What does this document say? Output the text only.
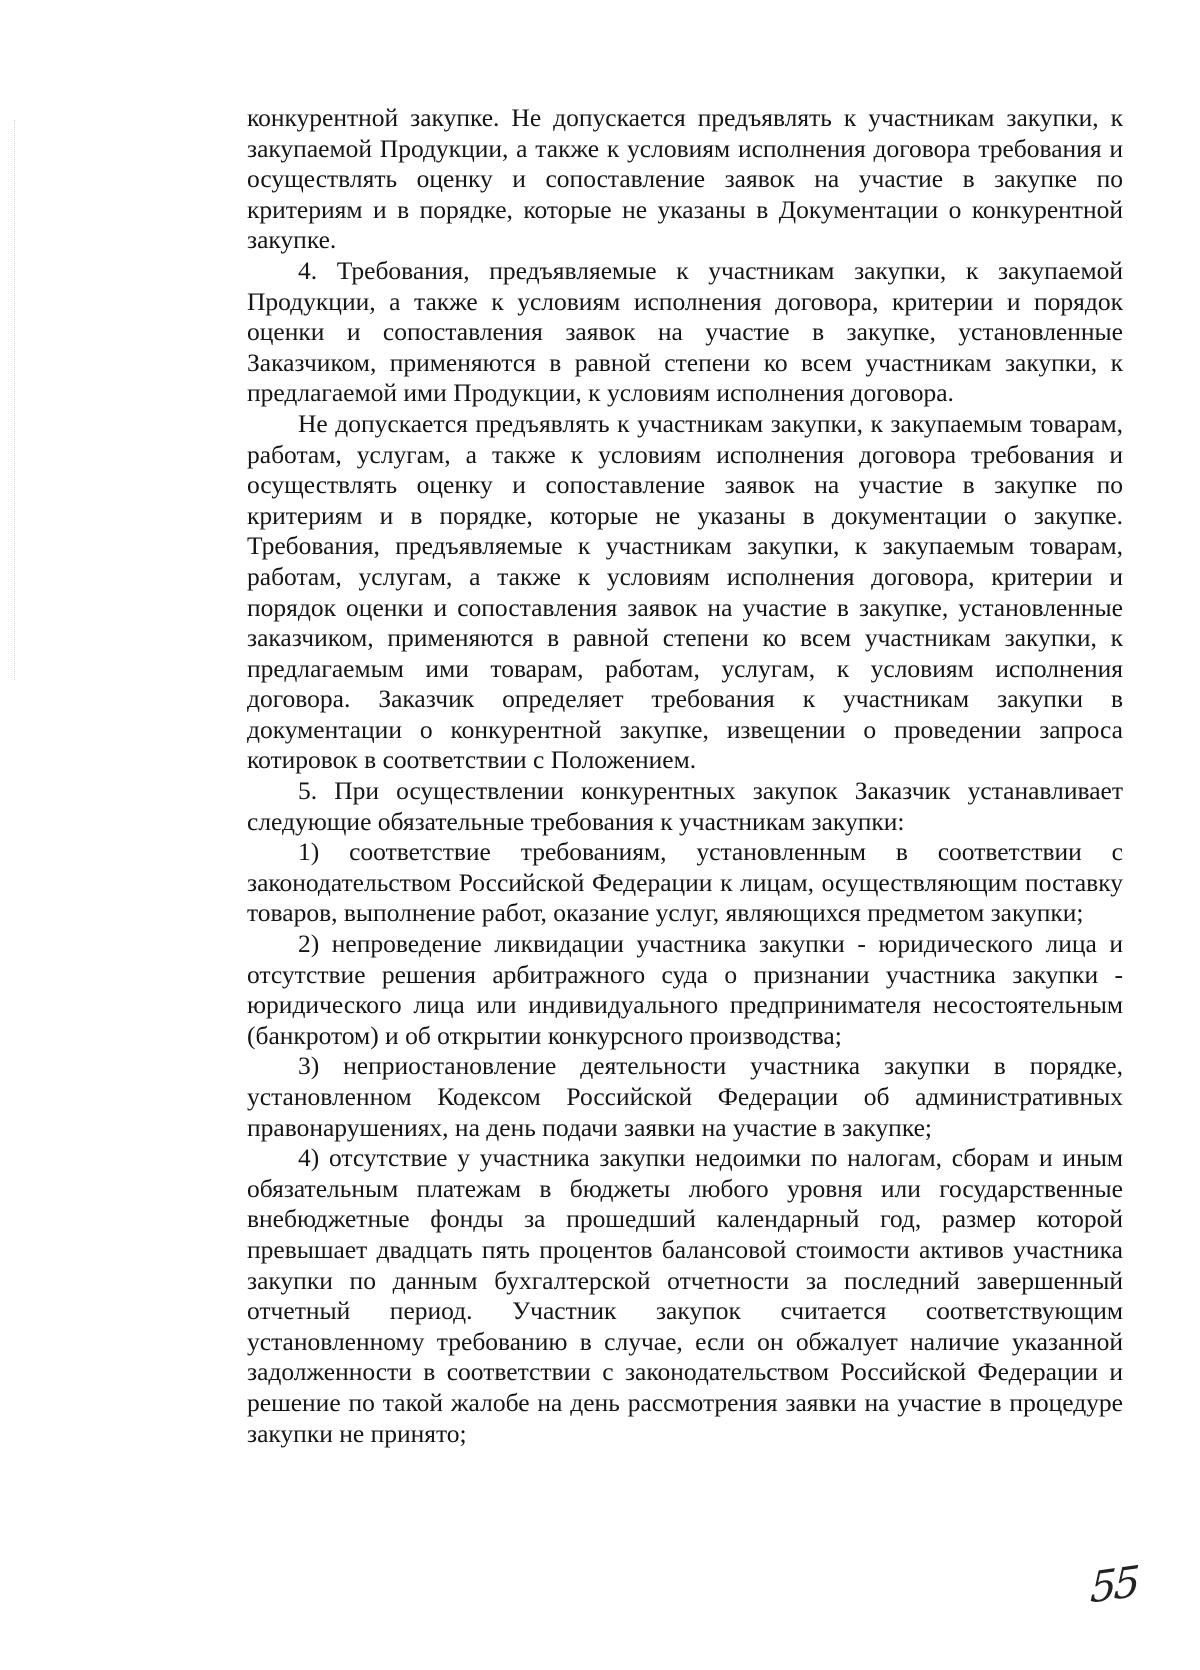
конкурентной закупке. Не допускается предъявлять к участникам закупки, к закупаемой Продукции, а также к условиям исполнения договора требования и осуществлять оценку и сопоставление заявок на участие в закупке по критериям и в порядке, которые не указаны в Документации о конкурентной закупке.

4. Требования, предъявляемые к участникам закупки, к закупаемой Продукции, а также к условиям исполнения договора, критерии и порядок оценки и сопоставления заявок на участие в закупке, установленные Заказчиком, применяются в равной степени ко всем участникам закупки, к предлагаемой ими Продукции, к условиям исполнения договора.

Не допускается предъявлять к участникам закупки, к закупаемым товарам, работам, услугам, а также к условиям исполнения договора требования и осуществлять оценку и сопоставление заявок на участие в закупке по критериям и в порядке, которые не указаны в документации о закупке. Требования, предъявляемые к участникам закупки, к закупаемым товарам, работам, услугам, а также к условиям исполнения договора, критерии и порядок оценки и сопоставления заявок на участие в закупке, установленные заказчиком, применяются в равной степени ко всем участникам закупки, к предлагаемым ими товарам, работам, услугам, к условиям исполнения договора. Заказчик определяет требования к участникам закупки в документации о конкурентной закупке, извещении о проведении запроса котировок в соответствии с Положением.

5. При осуществлении конкурентных закупок Заказчик устанавливает следующие обязательные требования к участникам закупки:

1) соответствие требованиям, установленным в соответствии с законодательством Российской Федерации к лицам, осуществляющим поставку товаров, выполнение работ, оказание услуг, являющихся предметом закупки;

2) непроведение ликвидации участника закупки - юридического лица и отсутствие решения арбитражного суда о признании участника закупки - юридического лица или индивидуального предпринимателя несостоятельным (банкротом) и об открытии конкурсного производства;

3) неприостановление деятельности участника закупки в порядке, установленном Кодексом Российской Федерации об административных правонарушениях, на день подачи заявки на участие в закупке;

4) отсутствие у участника закупки недоимки по налогам, сборам и иным обязательным платежам в бюджеты любого уровня или государственные внебюджетные фонды за прошедший календарный год, размер которой превышает двадцать пять процентов балансовой стоимости активов участника закупки по данным бухгалтерской отчетности за последний завершенный отчетный период. Участник закупок считается соответствующим установленному требованию в случае, если он обжалует наличие указанной задолженности в соответствии с законодательством Российской Федерации и решение по такой жалобе на день рассмотрения заявки на участие в процедуре закупки не принято;

55
